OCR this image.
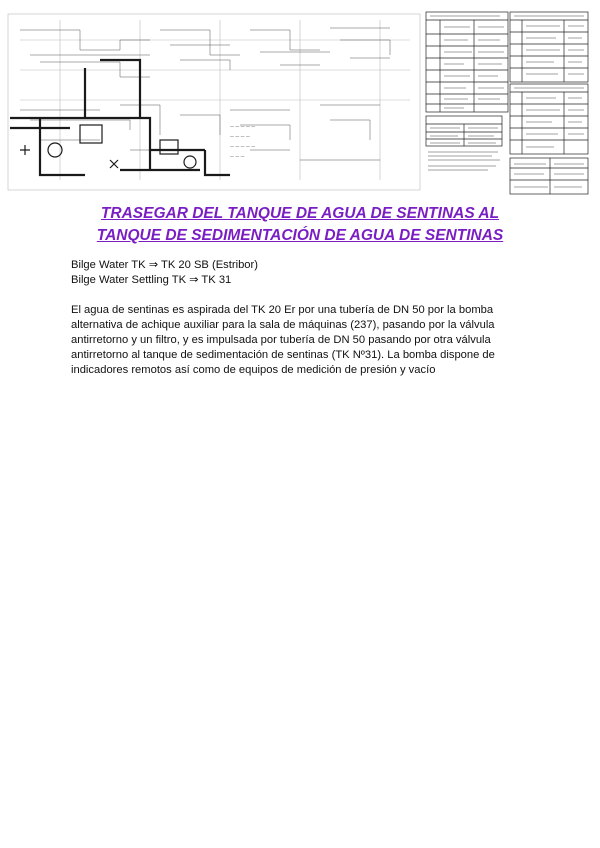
— — — — —
— — — —
— — — — —
— — —
TRASEGAR DEL TANQUE DE AGUA DE SENTINAS AL
TANQUE DE SEDIMENTACIÓN DE AGUA DE SENTINAS
Bilge Water TK ⇒ TK 20 SB (Estribor)
Bilge Water Settling TK ⇒ TK 31

El agua de sentinas es aspirada del TK 20 Er por una tubería de DN 50 por la bomba
alternativa de achique auxiliar para la sala de máquinas (237), pasando por la válvula
antirretorno y un filtro, y es impulsada por tubería de DN 50 pasando por otra válvula
antirretorno al tanque de sedimentación de sentinas (TK Nº31). La bomba dispone de
indicadores remotos así como de equipos de medición de presión y vacío
